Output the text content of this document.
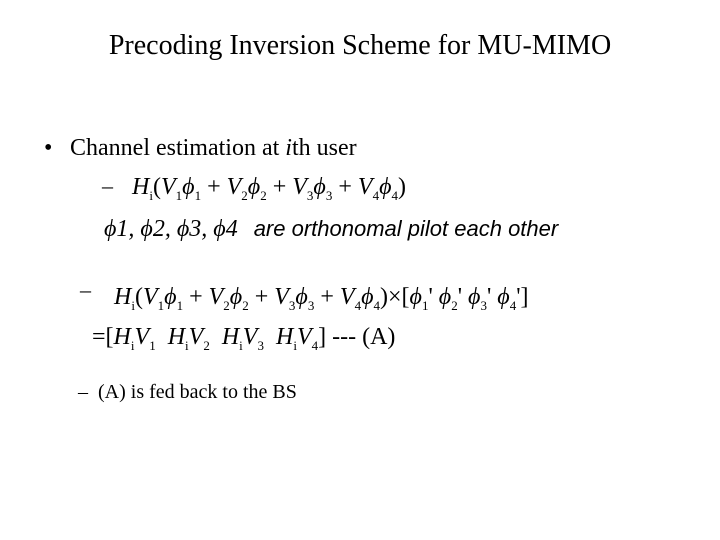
Precoding Inversion Scheme for MU-MIMO
• Channel estimation at ith user
– $H_i(V_1\phi_1 + V_2\phi_2 + V_3\phi_3 + V_4\phi_4)$
ϕ1, ϕ2, ϕ3, ϕ4 are orthonomal pilot each other
– $H_i(V_1\phi_1 + V_2\phi_2 + V_3\phi_3 + V_4\phi_4)\times[\phi_1'$ $\phi_2'$ $\phi_3'$ $\phi_4'$]
$=[H_iV_1$ $H_iV_2$ $H_iV_3$ $H_iV_4$] --- (A)
– (A) is fed back to the BS
